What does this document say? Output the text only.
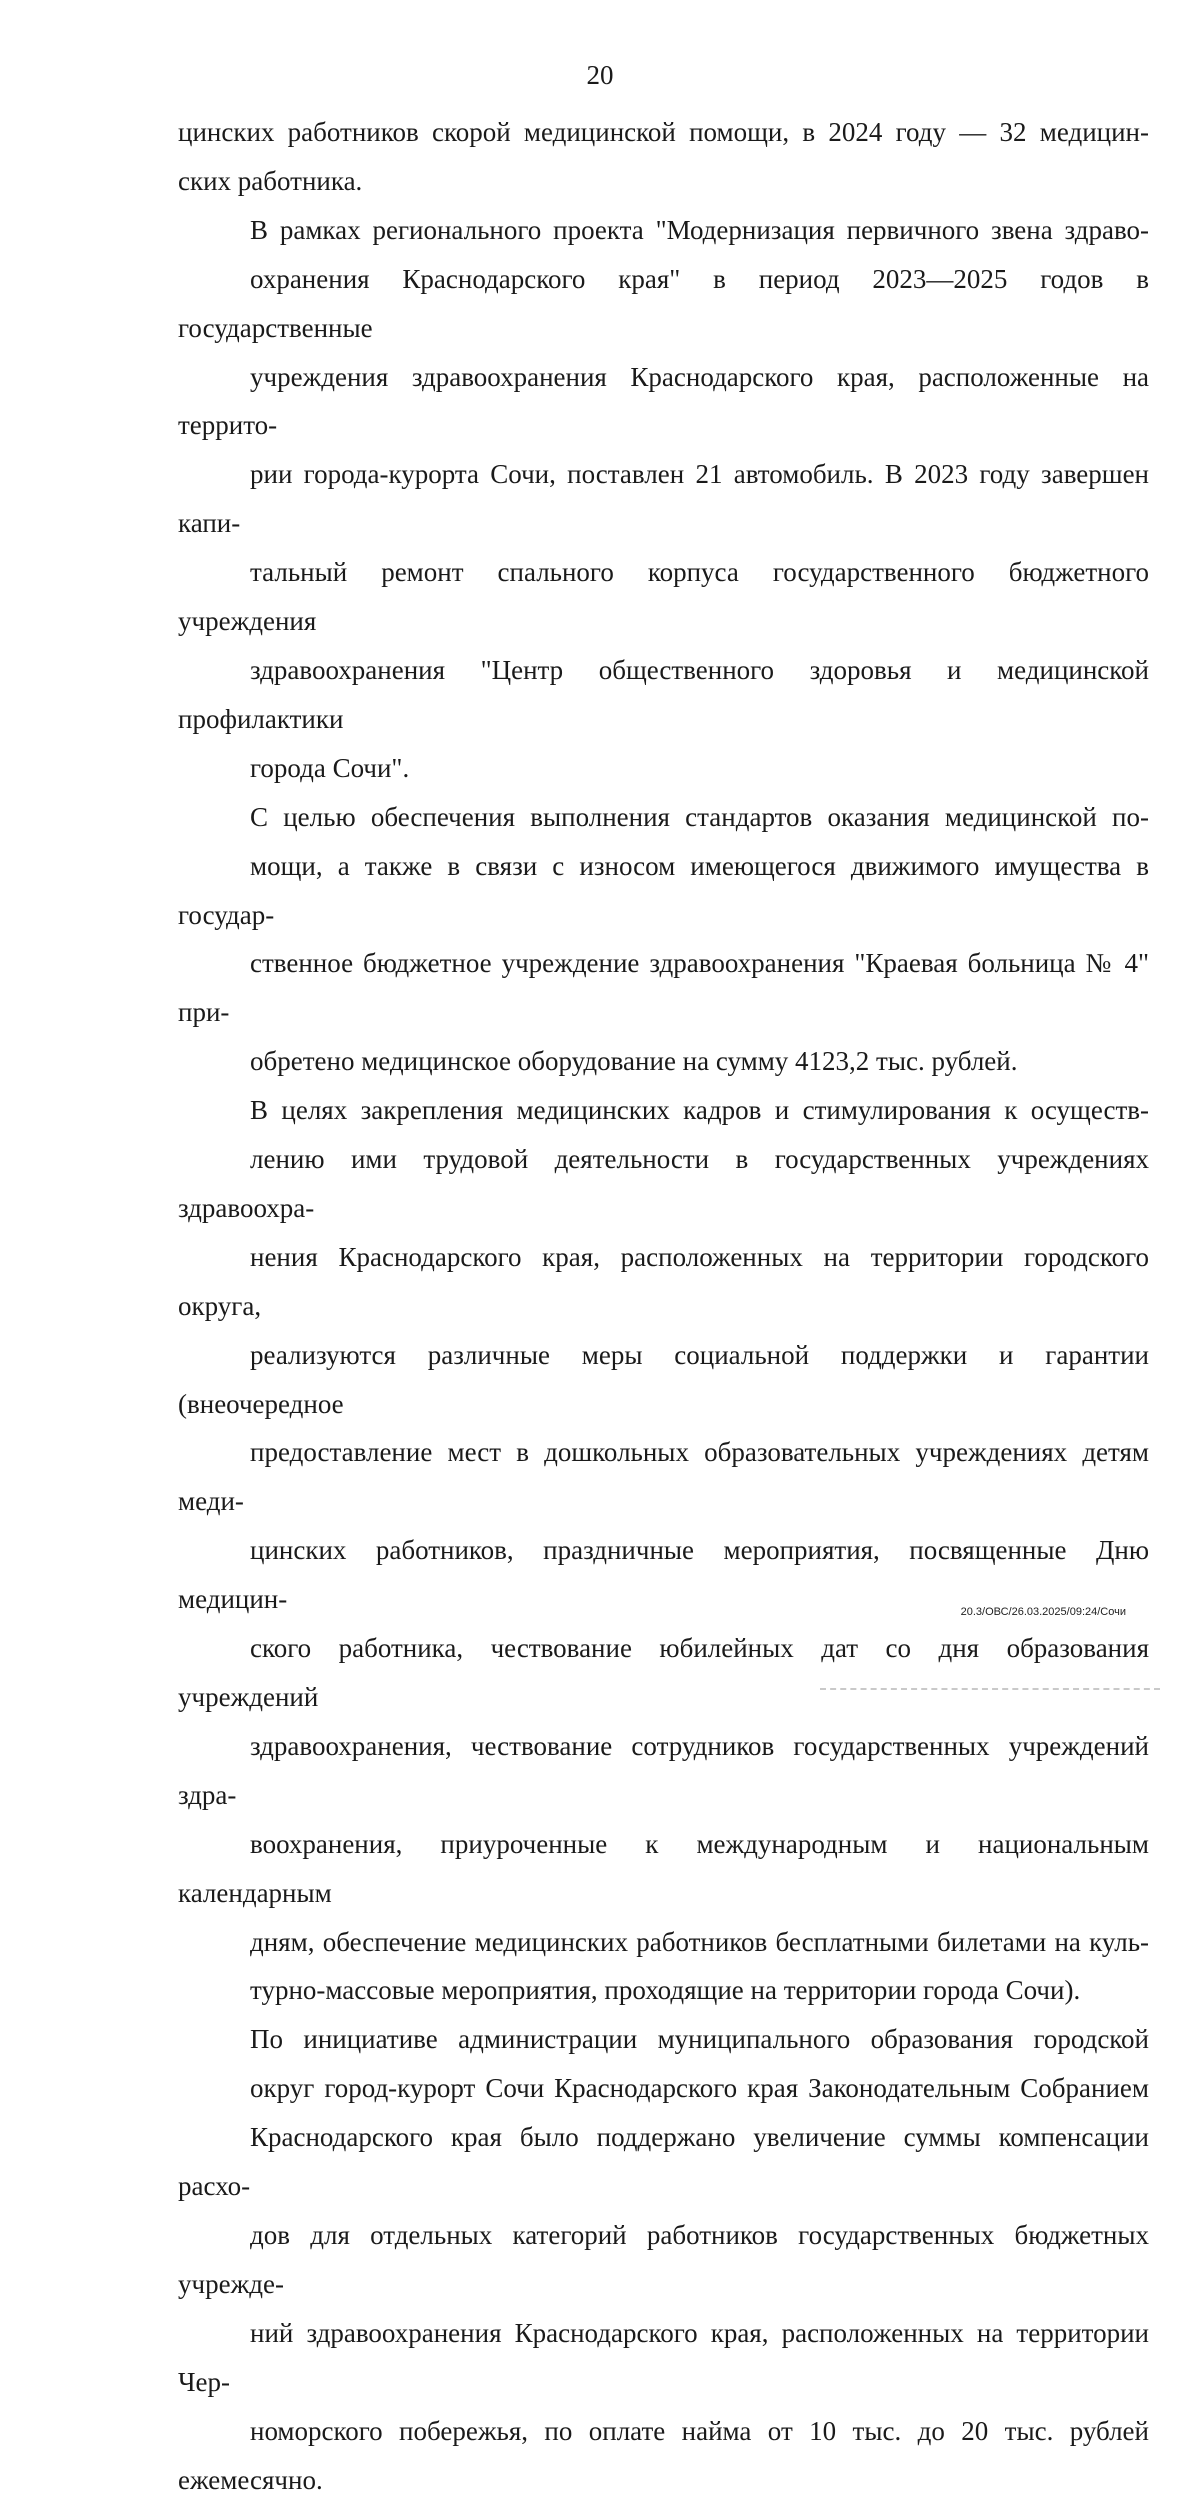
20

цинских работников скорой медицинской помощи, в 2024 году — 32 медицин-
ских работника.

В рамках регионального проекта "Модернизация первичного звена здраво-
охранения Краснодарского края" в период 2023—2025 годов в государственные
учреждения здравоохранения Краснодарского края, расположенные на террито-
рии города-курорта Сочи, поставлен 21 автомобиль. В 2023 году завершен капи-
тальный ремонт спального корпуса государственного бюджетного учреждения
здравоохранения "Центр общественного здоровья и медицинской профилактики
города Сочи".

С целью обеспечения выполнения стандартов оказания медицинской по-
мощи, а также в связи с износом имеющегося движимого имущества в государ-
ственное бюджетное учреждение здравоохранения "Краевая больница № 4" при-
обретено медицинское оборудование на сумму 4123,2 тыс. рублей.

В целях закрепления медицинских кадров и стимулирования к осуществ-
лению ими трудовой деятельности в государственных учреждениях здравоохра-
нения Краснодарского края, расположенных на территории городского округа,
реализуются различные меры социальной поддержки и гарантии (внеочередное
предоставление мест в дошкольных образовательных учреждениях детям меди-
цинских работников, праздничные мероприятия, посвященные Дню медицин-
ского работника, чествование юбилейных дат со дня образования учреждений
здравоохранения, чествование сотрудников государственных учреждений здра-
воохранения, приуроченные к международным и национальным календарным
дням, обеспечение медицинских работников бесплатными билетами на куль-
турно-массовые мероприятия, проходящие на территории города Сочи).

По инициативе администрации муниципального образования городской
округ город-курорт Сочи Краснодарского края Законодательным Собранием
Краснодарского края было поддержано увеличение суммы компенсации расхо-
дов для отдельных категорий работников государственных бюджетных учрежде-
ний здравоохранения Краснодарского края, расположенных на территории Чер-
номорского побережья, по оплате найма от 10 тыс. до 20 тыс. рублей ежемесячно.

20.3/ОВС/26.03.2025/09:24/Сочи
